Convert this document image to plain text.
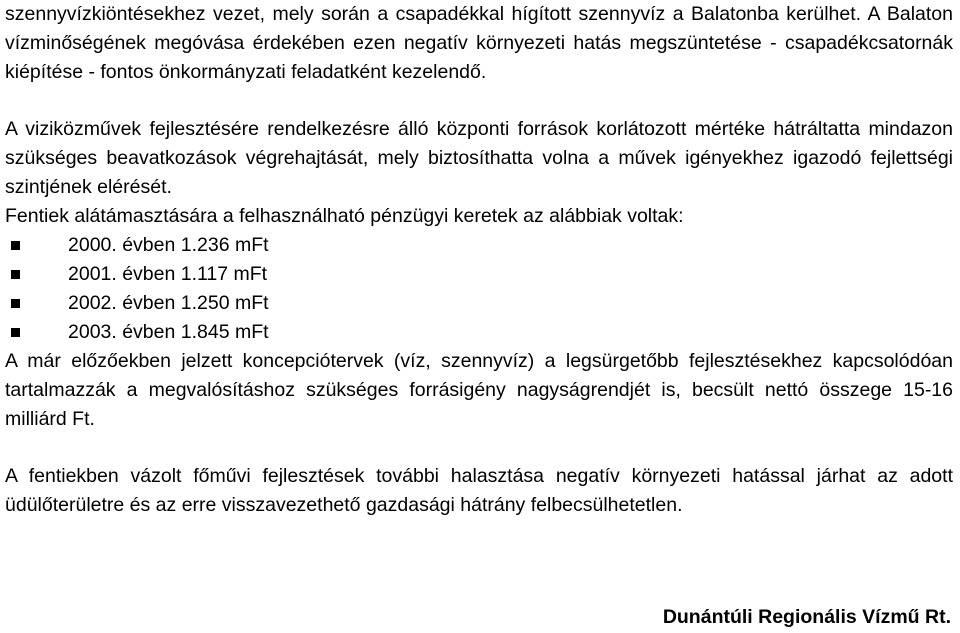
szennyvízkiöntésekhez vezet, mely során a csapadékkal hígított szennyvíz a Balatonba kerülhet. A Balaton vízminőségének megóvása érdekében ezen negatív környezeti hatás megszüntetése - csapadékcsatornák kiépítése - fontos önkormányzati feladatként kezelendő.

A viziközművek fejlesztésére rendelkezésre álló központi források korlátozott mértéke hátráltatta mindazon szükséges beavatkozások végrehajtását, mely biztosíthatta volna a művek igényekhez igazodó fejlettségi szintjének elérését.

Fentiek alátámasztására a felhasználható pénzügyi keretek az alábbiak voltak:

2000. évben 1.236 mFt
2001. évben 1.117 mFt
2002. évben 1.250 mFt
2003. évben 1.845 mFt

A már előzőekben jelzett koncepciótervek (víz, szennyvíz) a legsürgetőbb fejlesztésekhez kapcsolódóan tartalmazzák a megvalósításhoz szükséges forrásigény nagyságrendjét is, becsült nettó összege 15-16 milliárd Ft.

A fentiekben vázolt főművi fejlesztések további halasztása negatív környezeti hatással járhat az adott üdülőterületre és az erre visszavezethető gazdasági hátrány felbecsülhetetlen.

Dunántúli Regionális Vízmű Rt.
